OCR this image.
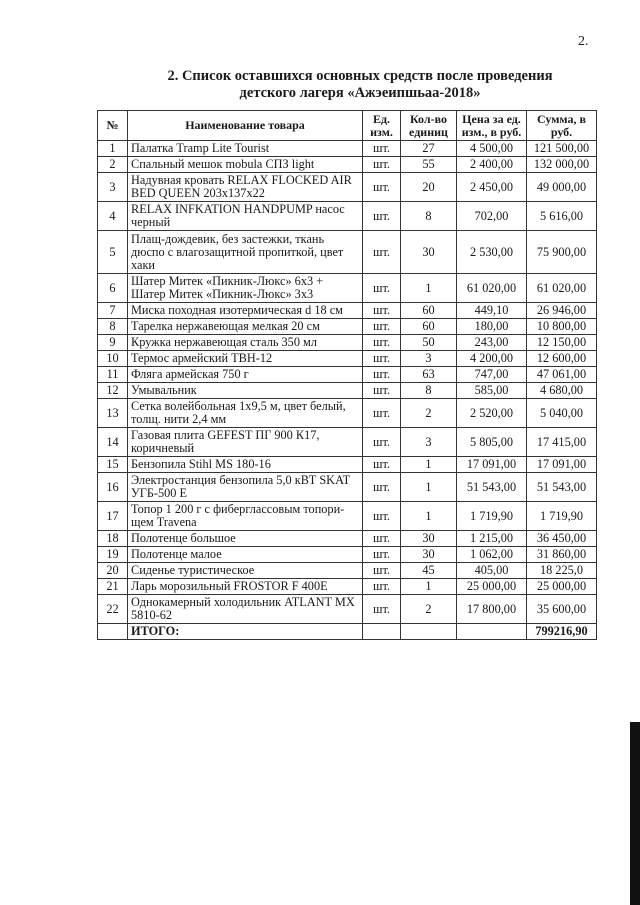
2.
2. Список оставшихся основных средств после проведения
детского лагеря «Ажэеипшьаа-2018»
№	Наименование товара	Ед. изм.	Кол-во единиц	Цена за ед. изм., в руб.	Сумма, в руб.
1	Палатка Tramp Lite Tourist	шт.	27	4 500,00	121 500,00
2	Спальный мешок mobula СПЗ light	шт.	55	2 400,00	132 000,00
3	Надувная кровать RELAX FLOCKED AIR BED QUEEN 203x137x22	шт.	20	2 450,00	49 000,00
4	RELAX INFKATION HANDPUMP насос черный	шт.	8	702,00	5 616,00
5	Плащ-дождевик, без застежки, ткань дюспо с влагозащитной пропиткой, цвет хаки	шт.	30	2 530,00	75 900,00
6	Шатер Митек «Пикник-Люкс» 6х3 + Шатер Митек «Пикник-Люкс» 3х3	шт.	1	61 020,00	61 020,00
7	Миска походная изотермическая d 18 см	шт.	60	449,10	26 946,00
8	Тарелка нержавеющая мелкая 20 см	шт.	60	180,00	10 800,00
9	Кружка нержавеющая сталь 350 мл	шт.	50	243,00	12 150,00
10	Термос армейский ТВН-12	шт.	3	4 200,00	12 600,00
11	Фляга армейская 750 г	шт.	63	747,00	47 061,00
12	Умывальник	шт.	8	585,00	4 680,00
13	Сетка волейбольная 1х9,5 м, цвет белый, толщ. нити 2,4 мм	шт.	2	2 520,00	5 040,00
14	Газовая плита GEFEST ПГ 900 К17, коричневый	шт.	3	5 805,00	17 415,00
15	Бензопила Stihl MS 180-16	шт.	1	17 091,00	17 091,00
16	Электростанция бензопила 5,0 кВТ SKAT УГБ-500 Е	шт.	1	51 543,00	51 543,00
17	Топор 1 200 г с фиберглассовым топори-щем Travena	шт.	1	1 719,90	1 719,90
18	Полотенце большое	шт.	30	1 215,00	36 450,00
19	Полотенце малое	шт.	30	1 062,00	31 860,00
20	Сиденье туристическое	шт.	45	405,00	18 225,0
21	Ларь морозильный FROSTOR F 400E	шт.	1	25 000,00	25 000,00
22	Однокамерный холодильник ATLANT MX 5810-62	шт.	2	17 800,00	35 600,00
	ИТОГО:				799216,90
